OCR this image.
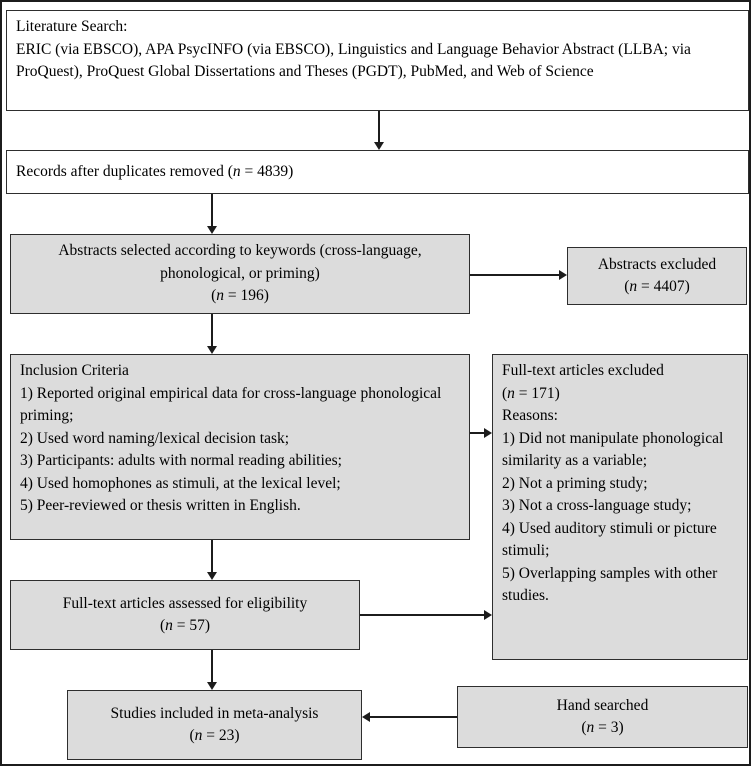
Literature Search:
ERIC (via EBSCO), APA PsycINFO (via EBSCO), Linguistics and Language Behavior Abstract (LLBA; via ProQuest), ProQuest Global Dissertations and Theses (PGDT), PubMed, and Web of Science
Records after duplicates removed (n = 4839)
Abstracts selected according to keywords (cross-language, phonological, or priming)
(n = 196)
Abstracts excluded
(n = 4407)
Inclusion Criteria
1) Reported original empirical data for cross-language phonological priming;
2) Used word naming/lexical decision task;
3) Participants: adults with normal reading abilities;
4) Used homophones as stimuli, at the lexical level;
5) Peer-reviewed or thesis written in English.
Full-text articles excluded
(n = 171)
Reasons:
1) Did not manipulate phonological similarity as a variable;
2) Not a priming study;
3) Not a cross-language study;
4) Used auditory stimuli or picture stimuli;
5) Overlapping samples with other studies.
Full-text articles assessed for eligibility
(n = 57)
Studies included in meta-analysis
(n = 23)
Hand searched
(n = 3)
